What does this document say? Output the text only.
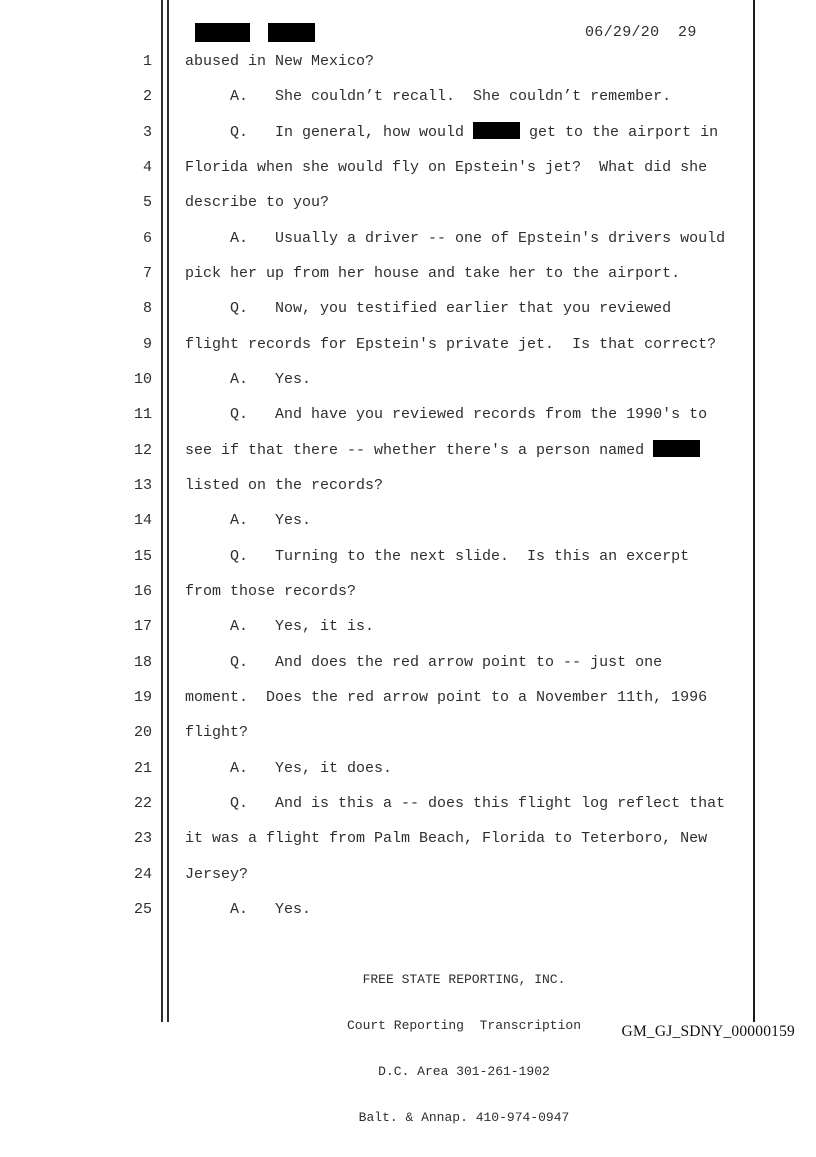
06/29/20 29
1 abused in New Mexico?
2 A.   She couldn’t recall.  She couldn’t remember.
3 Q.   In general, how would	get to the airport in
4 Florida when she would fly on Epstein's jet?  What did she
5 describe to you?
6 A.   Usually a driver -- one of Epstein's drivers would
7 pick her up from her house and take her to the airport.
8 Q.   Now, you testified earlier that you reviewed
9 flight records for Epstein's private jet.  Is that correct?
10 A.   Yes.
11 Q.   And have you reviewed records from the 1990's to
12 see if that there -- whether there's a person named
13 listed on the records?
14 A.   Yes.
15 Q.   Turning to the next slide.  Is this an excerpt
16 from those records?
17 A.   Yes, it is.
18 Q.   And does the red arrow point to -- just one
19 moment.  Does the red arrow point to a November 11th, 1996
20 flight?
21 A.   Yes, it does.
22 Q.   And is this a -- does this flight log reflect that
23 it was a flight from Palm Beach, Florida to Teterboro, New
24 Jersey?
25 A.   Yes.

FREE STATE REPORTING, INC.

Court Reporting  Transcription

D.C. Area 301-261-1902

Balt. & Annap. 410-974-0947

GM_GJ_SDNY_00000159
